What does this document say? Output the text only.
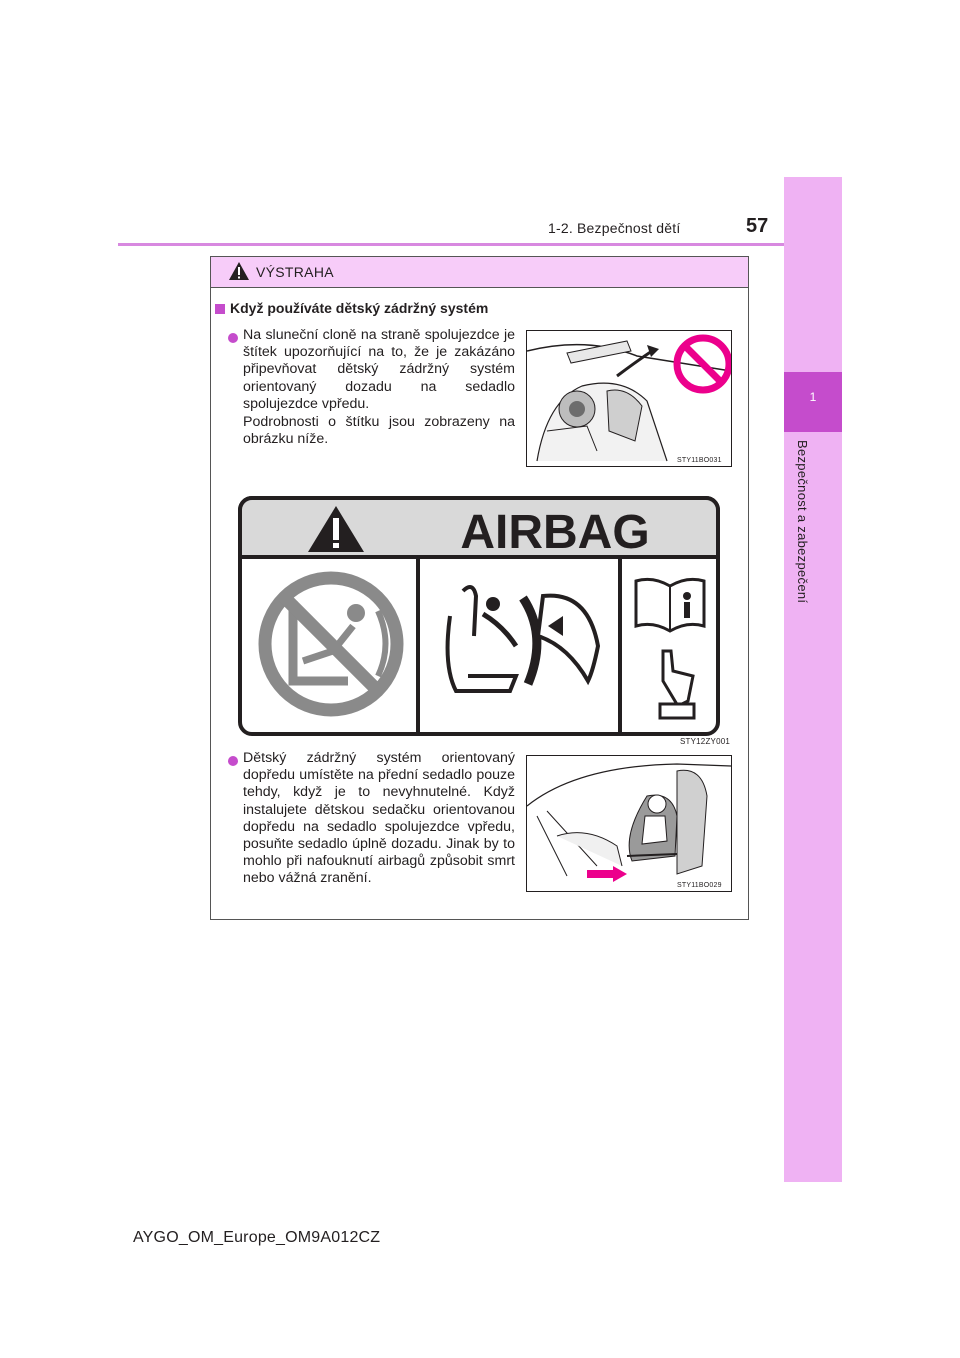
1-2. Bezpečnost dětí	57
1
Bezpečnost a zabezpečení
VÝSTRAHA
Když používáte dětský zádržný systém
Na sluneční cloně na straně spolujezdce je štítek upozorňující na to, že je zakázáno připevňovat dětský zádržný systém orientovaný dozadu na sedadlo spolujezdce vpředu.
Podrobnosti o štítku jsou zobrazeny na obrázku níže.
STY11BO031
AIRBAG
STY12ZY001
Dětský zádržný systém orientovaný dopředu umístěte na přední sedadlo pouze tehdy, když je to nevyhnutelné. Když instalujete dětskou sedačku orientovanou dopředu na sedadlo spolujezdce vpředu, posuňte sedadlo úplně dozadu. Jinak by to mohlo při nafouknutí airbagů způsobit smrt nebo vážná zranění.	STY11BO029
AYGO_OM_Europe_OM9A012CZ
